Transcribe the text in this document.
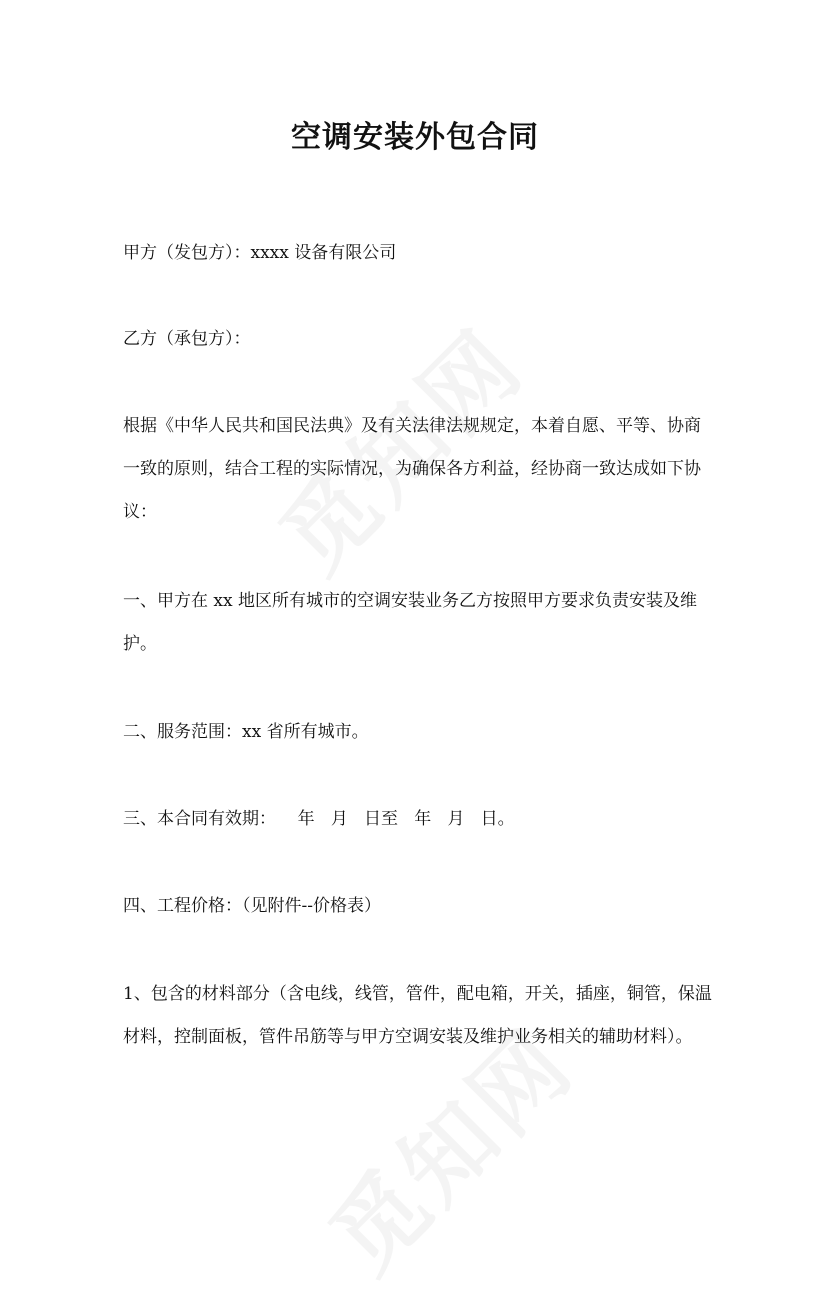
空调安装外包合同

甲方（发包方）：xxxx 设备有限公司

乙方（承包方）：

根据《中华人民共和国民法典》及有关法律法规规定，本着自愿、平等、协商
一致的原则，结合工程的实际情况，为确保各方利益，经协商一致达成如下协
议：
一、甲方在 xx 地区所有城市的空调安装业务乙方按照甲方要求负责安装及维
护。

二、服务范围：xx 省所有城市。

三、本合同有效期：    年   月   日至   年   月   日。

四、工程价格：（见附件--价格表）

1、包含的材料部分（含电线，线管，管件，配电箱，开关，插座，铜管，保温
材料，控制面板，管件吊筋等与甲方空调安装及维护业务相关的辅助材料）。
